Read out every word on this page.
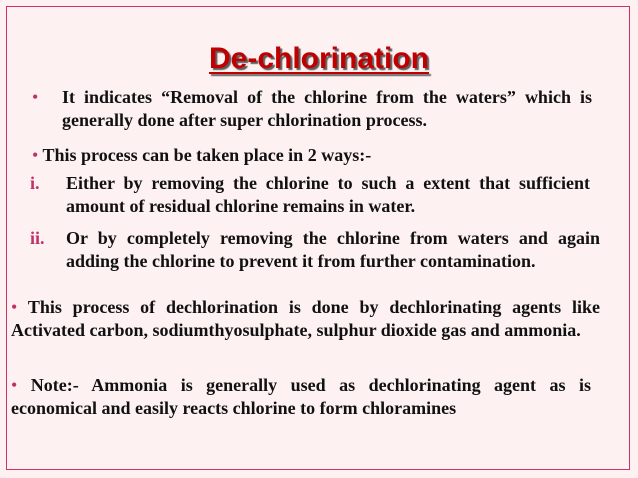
De-chlorination
•	It indicates “Removal of the chlorine from the waters” which is generally done after super chlorination process.
• This process can be taken place in 2 ways:-
i. Either by removing the chlorine to such a extent that sufficient amount of residual chlorine remains in water.
ii. Or by completely removing the chlorine from waters and again adding the chlorine to prevent it from further contamination.
• This process of dechlorination is done by dechlorinating agents like Activated carbon, sodiumthyosulphate, sulphur dioxide gas and ammonia.
• Note:- Ammonia is generally used as dechlorinating agent as is economical and easily reacts chlorine to form chloramines
